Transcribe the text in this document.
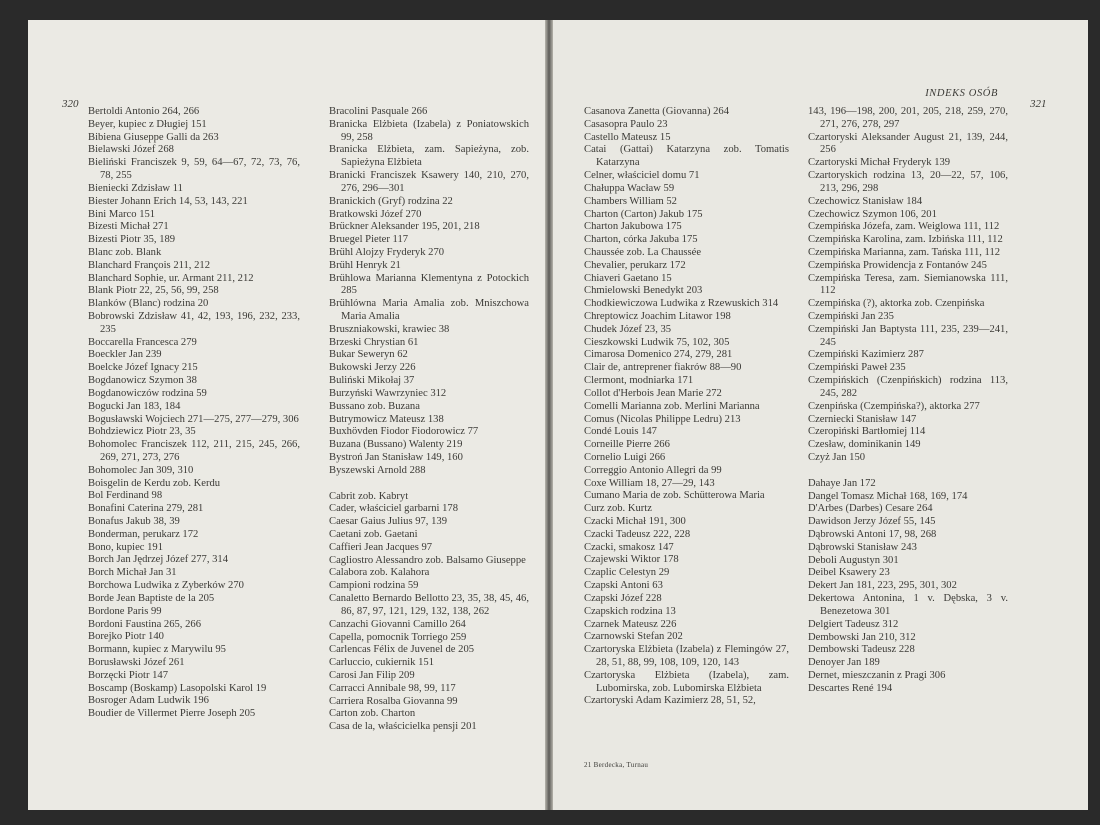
320
Bertoldi Antonio 264, 266
Beyer, kupiec z Długiej 151
Bibiena Giuseppe Galli da 263
Bielawski Józef 268
Bieliński Franciszek 9, 59, 64—67, 72, 73, 76, 78, 255
Bieniecki Zdzisław 11
Biester Johann Erich 14, 53, 143, 221
Bini Marco 151
Bizesti Michał 271
Bizesti Piotr 35, 189
Blanc zob. Blank
Blanchard François 211, 212
Blanchard Sophie, ur. Armant 211, 212
Blank Piotr 22, 25, 56, 99, 258
Blanków (Blanc) rodzina 20
Bobrowski Zdzisław 41, 42, 193, 196, 232, 233, 235
Boccarella Francesca 279
Boeckler Jan 239
Boelcke Józef Ignacy 215
Bogdanowicz Szymon 38
Bogdanowiczów rodzina 59
Bogucki Jan 183, 184
Bogusławski Wojciech 271—275, 277—279, 306
Bohdziewicz Piotr 23, 35
Bohomolec Franciszek 112, 211, 215, 245, 266, 269, 271, 273, 276
Bohomolec Jan 309, 310
Boisgelin de Kerdu zob. Kerdu
Bol Ferdinand 98
Bonafini Caterina 279, 281
Bonafus Jakub 38, 39
Bonderman, perukarz 172
Bono, kupiec 191
Borch Jan Jędrzej Józef 277, 314
Borch Michał Jan 31
Borchowa Ludwika z Zyberków 270
Borde Jean Baptiste de la 205
Bordone Paris 99
Bordoni Faustina 265, 266
Borejko Piotr 140
Bormann, kupiec z Marywilu 95
Borusławski Józef 261
Borzęcki Piotr 147
Boscamp (Boskamp) Lasopolski Karol 19
Bosroger Adam Ludwik 196
Boudier de Villermet Pierre Joseph 205
Bracolini Pasquale 266
Branicka Elżbieta (Izabela) z Poniatowskich 99, 258
Branicka Elżbieta, zam. Sapieżyna, zob. Sapieżyna Elżbieta
Branicki Franciszek Ksawery 140, 210, 270, 276, 296—301
Branickich (Gryf) rodzina 22
Bratkowski Józef 270
Brückner Aleksander 195, 201, 218
Bruegel Pieter 117
Brühl Alojzy Fryderyk 270
Brühl Henryk 21
Brühlowa Marianna Klementyna z Potockich 285
Brühlówna Maria Amalia zob. Mniszchowa Maria Amalia
Bruszniakowski, krawiec 38
Brzeski Chrystian 61
Bukar Seweryn 62
Bukowski Jerzy 226
Buliński Mikołaj 37
Burzyński Wawrzyniec 312
Bussano zob. Buzana
Butrymowicz Mateusz 138
Buxhövden Fiodor Fiodorowicz 77
Buzana (Bussano) Walenty 219
Bystroń Jan Stanisław 149, 160
Byszewski Arnold 288
Cabrit zob. Kabryt
Cader, właściciel garbarni 178
Caesar Gaius Julius 97, 139
Caetani zob. Gaetani
Caffieri Jean Jacques 97
Cagliostro Alessandro zob. Balsamo Giuseppe
Calabora zob. Kalahora
Campioni rodzina 59
Canaletto Bernardo Bellotto 23, 35, 38, 45, 46, 86, 87, 97, 121, 129, 132, 138, 262
Canzachi Giovanni Camillo 264
Capella, pomocnik Torriego 259
Carlencas Félix de Juvenel de 205
Carluccio, cukiernik 151
Carosi Jan Filip 209
Carracci Annibale 98, 99, 117
Carriera Rosalba Giovanna 99
Carton zob. Charton
Casa de la, właścicielka pensji 201
INDEKS OSÓB
321
Casanova Zanetta (Giovanna) 264
Casasopra Paulo 23
Castello Mateusz 15
Catai (Gattai) Katarzyna zob. Tomatis Katarzyna
Celner, właściciel domu 71
Chałuppa Wacław 59
Chambers William 52
Charton (Carton) Jakub 175
Charton Jakubowa 175
Charton, córka Jakuba 175
Chaussée zob. La Chaussée
Chevalier, perukarz 172
Chiaveri Gaetano 15
Chmielowski Benedykt 203
Chodkiewiczowa Ludwika z Rzewuskich 314
Chreptowicz Joachim Litawor 198
Chudek Józef 23, 35
Cieszkowski Ludwik 75, 102, 305
Cimarosa Domenico 274, 279, 281
Clair de, antreprener fiakrów 88—90
Clermont, modniarka 171
Collot d'Herbois Jean Marie 272
Comelli Marianna zob. Merlini Marianna
Comus (Nicolas Philippe Ledru) 213
Condé Louis 147
Corneille Pierre 266
Cornelio Luigi 266
Correggio Antonio Allegri da 99
Coxe William 18, 27—29, 143
Cumano Maria de zob. Schütterowa Maria
Curz zob. Kurtz
Czacki Michał 191, 300
Czacki Tadeusz 222, 228
Czacki, smakosz 147
Czajewski Wiktor 178
Czaplic Celestyn 29
Czapski Antoni 63
Czapski Józef 228
Czapskich rodzina 13
Czarnek Mateusz 226
Czarnowski Stefan 202
Czartoryska Elżbieta (Izabela) z Flemingów 27, 28, 51, 88, 99, 108, 109, 120, 143
Czartoryska Elżbieta (Izabela), zam. Lubomirska, zob. Lubomirska Elżbieta
Czartoryski Adam Kazimierz 28, 51, 52,
143, 196—198, 200, 201, 205, 218, 259, 270, 271, 276, 278, 297
Czartoryski Aleksander August 21, 139, 244, 256
Czartoryski Michał Fryderyk 139
Czartoryskich rodzina 13, 20—22, 57, 106, 213, 296, 298
Czechowicz Stanisław 184
Czechowicz Szymon 106, 201
Czempińska Józefa, zam. Weiglowa 111, 112
Czempińska Karolina, zam. Izbińska 111, 112
Czempińska Marianna, zam. Tańska 111, 112
Czempińska Prowidencja z Fontanów 245
Czempińska Teresa, zam. Siemianowska 111, 112
Czempińska (?), aktorka zob. Czenpińska
Czempiński Jan 235
Czempiński Jan Baptysta 111, 235, 239—241, 245
Czempiński Kazimierz 287
Czempiński Paweł 235
Czempińskich (Czenpińskich) rodzina 113, 245, 282
Czenpińska (Czempińska?), aktorka 277
Czerniecki Stanisław 147
Czeropiński Bartłomiej 114
Czesław, dominikanin 149
Czyż Jan 150
Dahaye Jan 172
Dangel Tomasz Michał 168, 169, 174
D'Arbes (Darbes) Cesare 264
Dawidson Jerzy Józef 55, 145
Dąbrowski Antoni 17, 98, 268
Dąbrowski Stanisław 243
Deboli Augustyn 301
Deibel Ksawery 23
Dekert Jan 181, 223, 295, 301, 302
Dekertowa Antonina, 1 v. Dębska, 3 v. Benezetowa 301
Delgiert Tadeusz 312
Dembowski Jan 210, 312
Dembowski Tadeusz 228
Denoyer Jan 189
Dernet, mieszczanin z Pragi 306
Descartes René 194
21 Berdecka, Turnau
